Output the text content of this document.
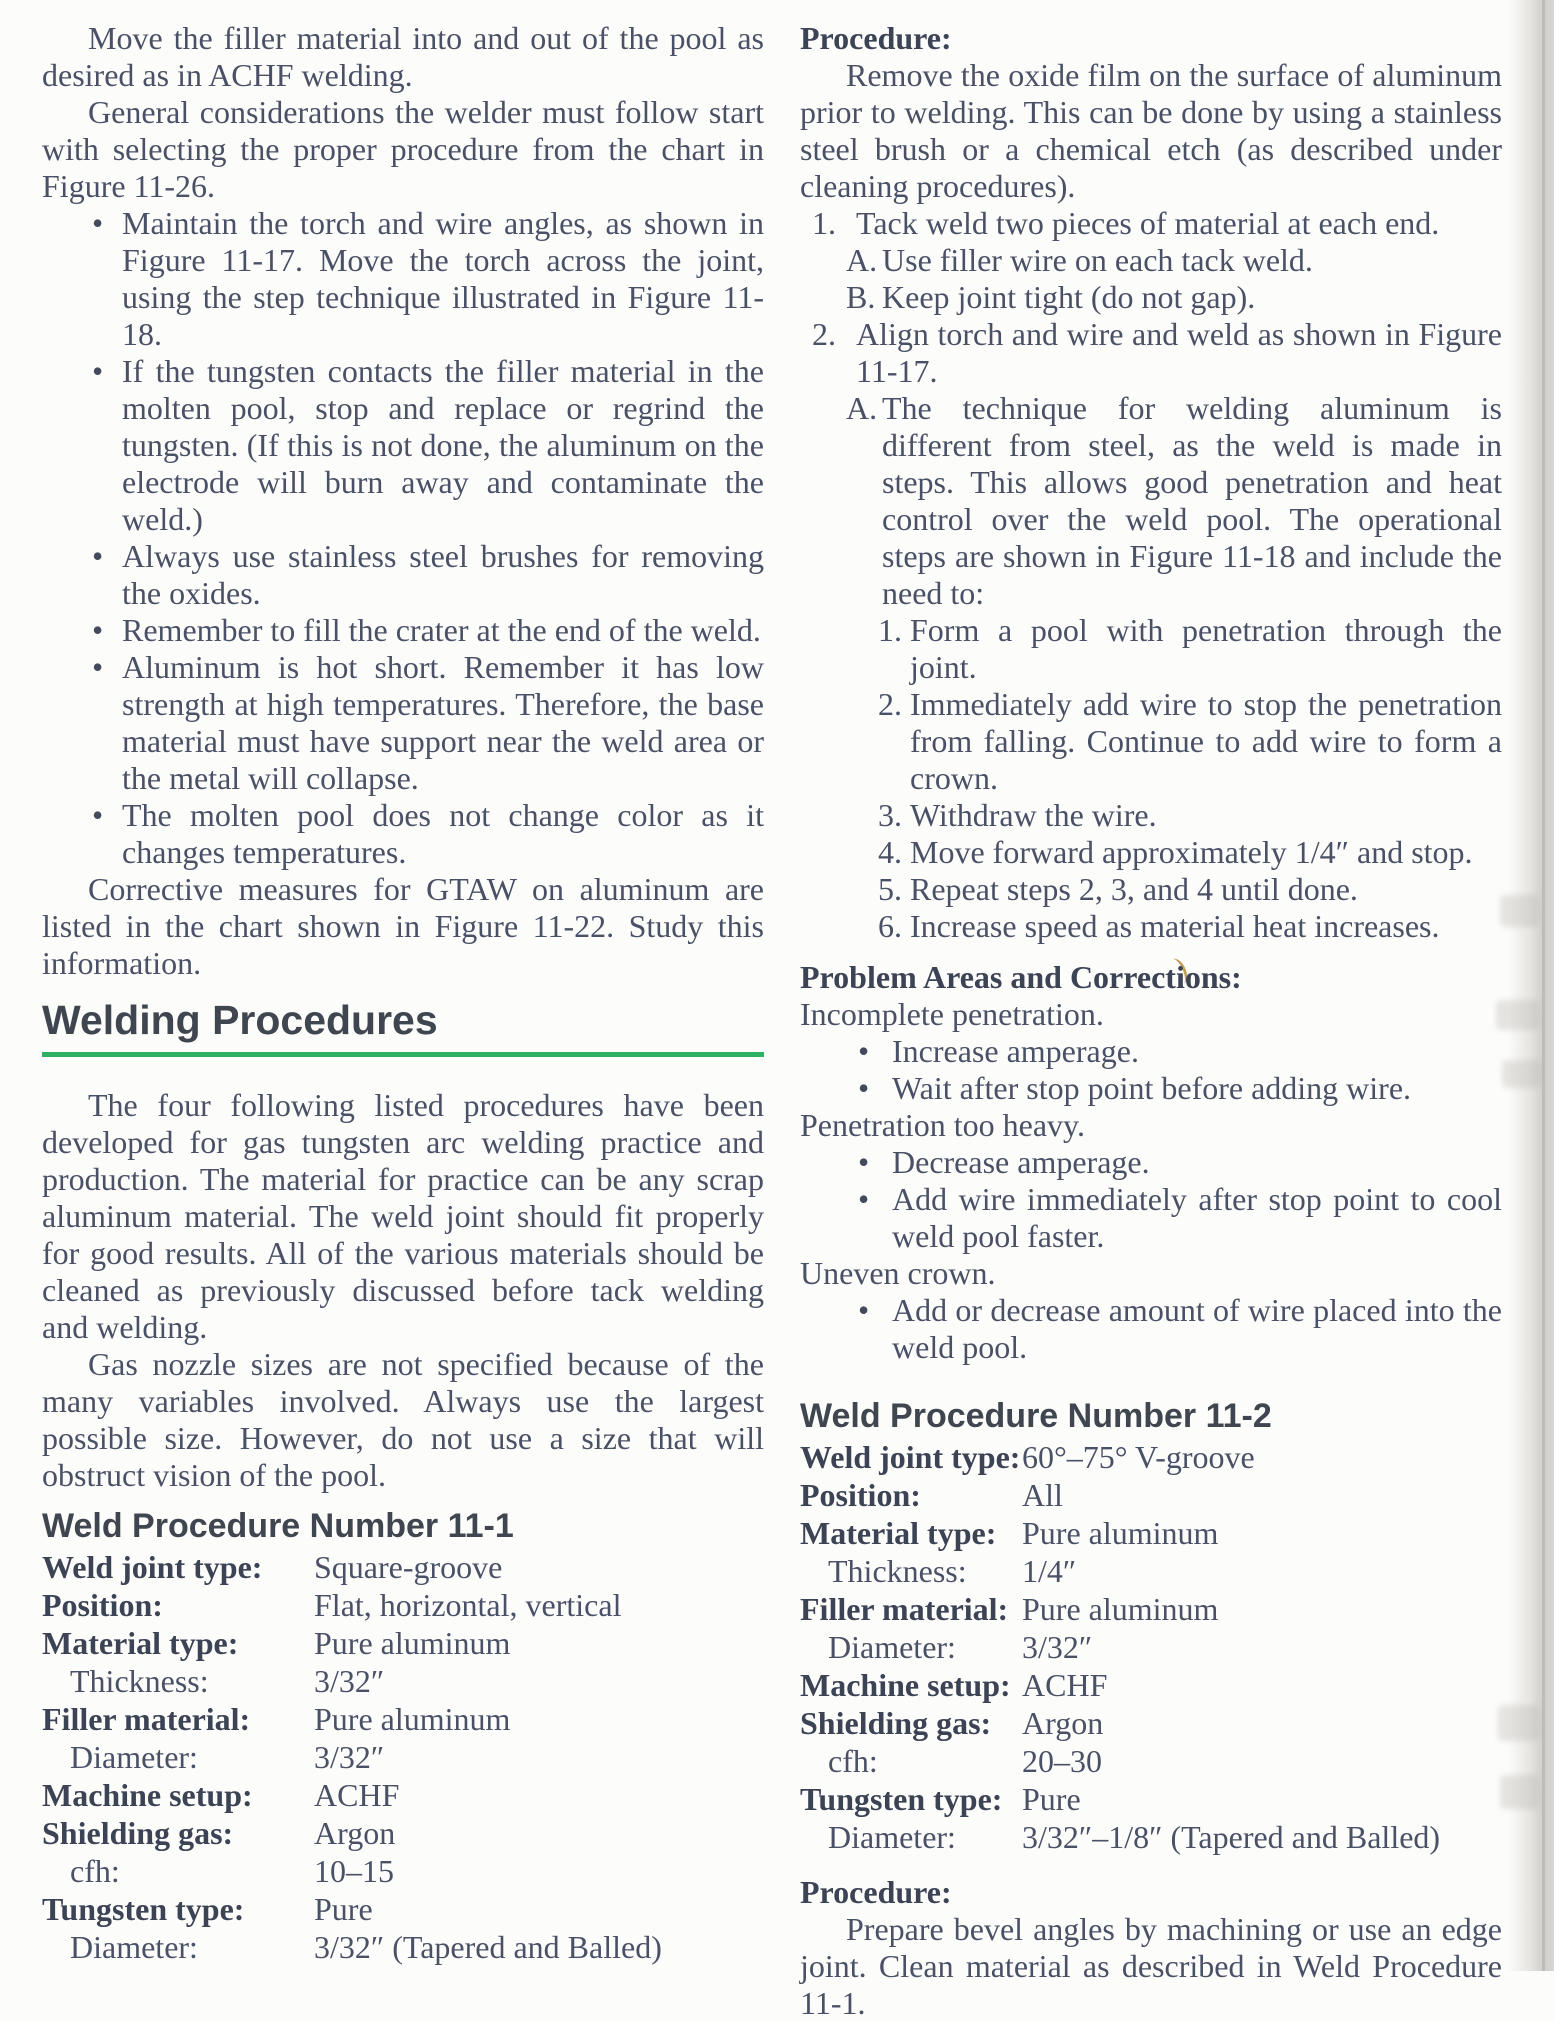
Move the filler material into and out of the pool as desired as in ACHF welding.

General considerations the welder must follow start with selecting the proper procedure from the chart in Figure 11-26.

• Maintain the torch and wire angles, as shown in Figure 11-17. Move the torch across the joint, using the step technique illustrated in Figure 11-18.
• If the tungsten contacts the filler material in the molten pool, stop and replace or regrind the tungsten. (If this is not done, the aluminum on the electrode will burn away and contaminate the weld.)
• Always use stainless steel brushes for removing the oxides.
• Remember to fill the crater at the end of the weld.
• Aluminum is hot short. Remember it has low strength at high temperatures. Therefore, the base material must have support near the weld area or the metal will collapse.
• The molten pool does not change color as it changes temperatures.

Corrective measures for GTAW on aluminum are listed in the chart shown in Figure 11-22. Study this information.

Welding Procedures

The four following listed procedures have been developed for gas tungsten arc welding practice and production. The material for practice can be any scrap aluminum material. The weld joint should fit properly for good results. All of the various materials should be cleaned as previously discussed before tack welding and welding.

Gas nozzle sizes are not specified because of the many variables involved. Always use the largest possible size. However, do not use a size that will obstruct vision of the pool.

Weld Procedure Number 11-1
Weld joint type: Square-groove
Position:	Flat, horizontal, vertical
Material type: Pure aluminum
Thickness:	3/32″
Filler material: Pure aluminum
Diameter:	3/32″
Machine setup: ACHF
Shielding gas:	Argon
cfh:	10–15
Tungsten type: Pure
Diameter:	3/32″ (Tapered and Balled)
Procedure:

Remove the oxide film on the surface of aluminum prior to welding. This can be done by using a stainless steel brush or a chemical etch (as described under cleaning procedures).

1. Tack weld two pieces of material at each end.
A. Use filler wire on each tack weld.
B. Keep joint tight (do not gap).
2. Align torch and wire and weld as shown in Figure 11-17.
A. The technique for welding aluminum is different from steel, as the weld is made in steps. This allows good penetration and heat control over the weld pool. The operational steps are shown in Figure 11-18 and include the need to:
1. Form a pool with penetration through the joint.
2. Immediately add wire to stop the penetration from falling. Continue to add wire to form a crown.
3. Withdraw the wire.
4. Move forward approximately 1/4″ and stop.
5. Repeat steps 2, 3, and 4 until done.
6. Increase speed as material heat increases.
Problem Areas and Corrections:
Incomplete penetration.
• Increase amperage.
• Wait after stop point before adding wire.
Penetration too heavy.
• Decrease amperage.
• Add wire immediately after stop point to cool weld pool faster.
Uneven crown.
• Add or decrease amount of wire placed into the weld pool.
Weld Procedure Number 11-2
Weld joint type: 60°–75° V-groove
Position:	All
Material type: Pure aluminum
Thickness: 1/4″
Filler material: Pure aluminum
Diameter: 3/32″
Machine setup: ACHF
Shielding gas: Argon
cfh:	20–30
Tungsten type: Pure
Diameter: 3/32″–1/8″ (Tapered and Balled)
Procedure:

Prepare bevel angles by machining or use an edge joint. Clean material as described in Weld Procedure 11-1.
